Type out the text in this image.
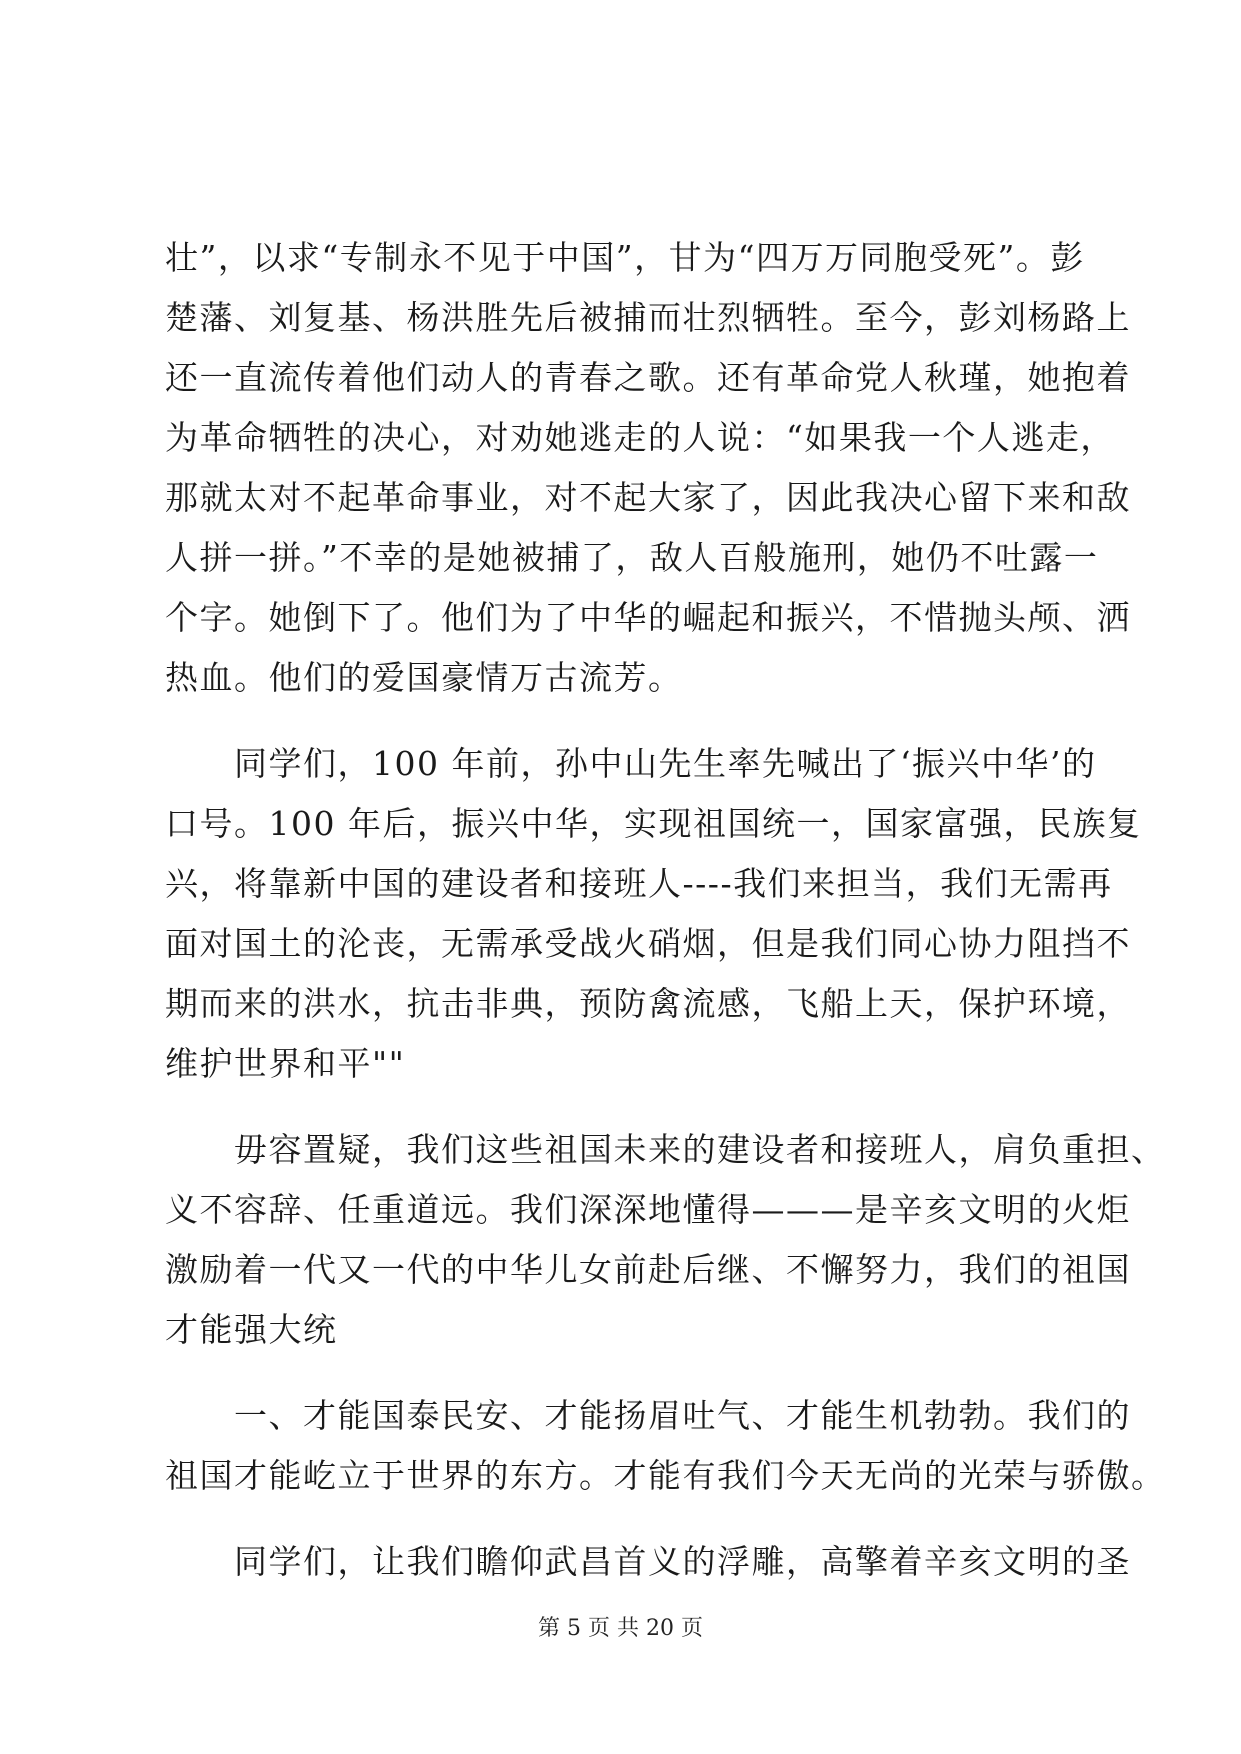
壮”，以求“专制永不见于中国”，甘为“四万万同胞受死”。彭
楚藩、刘复基、杨洪胜先后被捕而壮烈牺牲。至今，彭刘杨路上
还一直流传着他们动人的青春之歌。还有革命党人秋瑾，她抱着
为革命牺牲的决心，对劝她逃走的人说：“如果我一个人逃走，
那就太对不起革命事业，对不起大家了，因此我决心留下来和敌
人拼一拼。”不幸的是她被捕了，敌人百般施刑，她仍不吐露一
个字。她倒下了。他们为了中华的崛起和振兴，不惜抛头颅、洒
热血。他们的爱国豪情万古流芳。

　　同学们，100 年前，孙中山先生率先喊出了‘振兴中华’的
口号。100 年后，振兴中华，实现祖国统一，国家富强，民族复
兴，将靠新中国的建设者和接班人----我们来担当，我们无需再
面对国土的沦丧，无需承受战火硝烟，但是我们同心协力阻挡不
期而来的洪水，抗击非典，预防禽流感，飞船上天，保护环境，
维护世界和平""

　　毋容置疑，我们这些祖国未来的建设者和接班人，肩负重担、
义不容辞、任重道远。我们深深地懂得———是辛亥文明的火炬
激励着一代又一代的中华儿女前赴后继、不懈努力，我们的祖国
才能强大统

　　一、才能国泰民安、才能扬眉吐气、才能生机勃勃。我们的
祖国才能屹立于世界的东方。才能有我们今天无尚的光荣与骄傲。

　　同学们，让我们瞻仰武昌首义的浮雕，高擎着辛亥文明的圣

第 5 页 共 20 页
